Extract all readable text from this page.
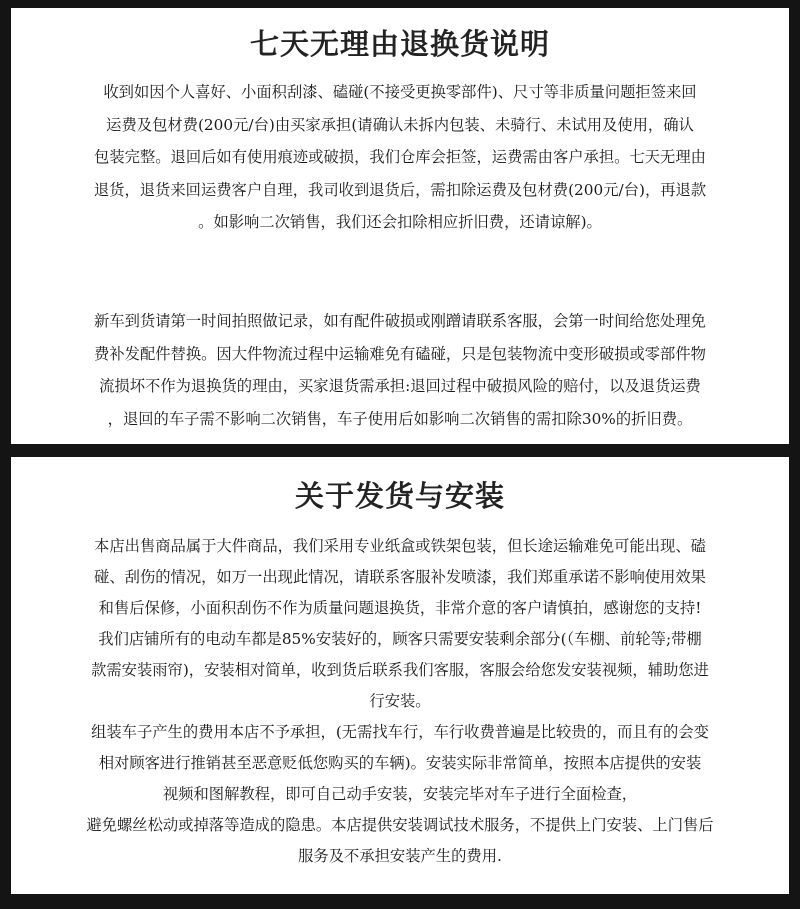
七天无理由退换货说明

收到如因个人喜好、小面积刮漆、磕碰(不接受更换零部件)、尺寸等非质量问题拒签来回
运费及包材费(200元/台)由买家承担(请确认未拆内包装、未骑行、未试用及使用，确认
包装完整。退回后如有使用痕迹或破损，我们仓库会拒签，运费需由客户承担。七天无理由
退货，退货来回运费客户自理，我司收到退货后，需扣除运费及包材费(200元/台)，再退款
。如影响二次销售，我们还会扣除相应折旧费，还请谅解)。

新车到货请第一时间拍照做记录，如有配件破损或刚蹭请联系客服，会第一时间给您处理免
费补发配件替换。因大件物流过程中运输难免有磕碰，只是包装物流中变形破损或零部件物
流损坏不作为退换货的理由，买家退货需承担:退回过程中破损风险的赔付，以及退货运费
，退回的车子需不影响二次销售，车子使用后如影响二次销售的需扣除30%的折旧费。

关于发货与安装

本店出售商品属于大件商品，我们采用专业纸盒或铁架包装，但长途运输难免可能出现、磕
碰、刮伤的情况，如万一出现此情况，请联系客服补发喷漆，我们郑重承诺不影响使用效果
和售后保修，小面积刮伤不作为质量问题退换货，非常介意的客户请慎拍，感谢您的支持!
我们店铺所有的电动车都是85%安装好的，顾客只需要安装剩余部分(（车棚、前轮等;带棚
款需安装雨帘)，安装相对简单，收到货后联系我们客服，客服会给您发安装视频，辅助您进
行安装。
组装车子产生的费用本店不予承担，(无需找车行，车行收费普遍是比较贵的，而且有的会变
相对顾客进行推销甚至恶意贬低您购买的车辆)。安装实际非常简单，按照本店提供的安装
视频和图解教程，即可自己动手安装，安装完毕对车子进行全面检查，
避免螺丝松动或掉落等造成的隐患。本店提供安装调试技术服务，不提供上门安装、上门售后
服务及不承担安装产生的费用.
